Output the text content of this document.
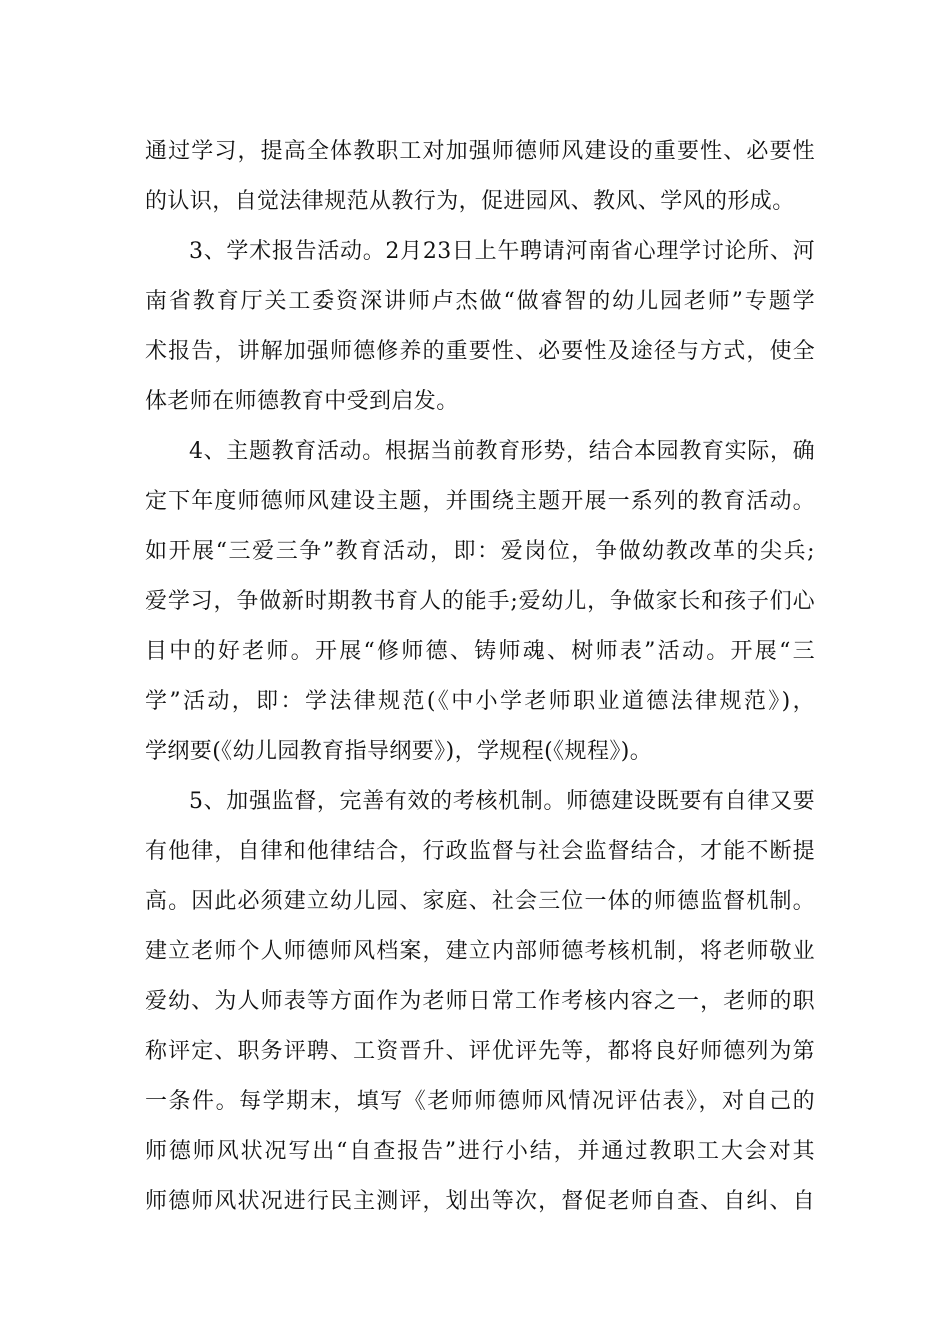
通过学习，提高全体教职工对加强师德师风建设的重要性、必要性
的认识，自觉法律规范从教行为，促进园风、教风、学风的形成。
3、学术报告活动。2月23日上午聘请河南省心理学讨论所、河
南省教育厅关工委资深讲师卢杰做“做睿智的幼儿园老师”专题学
术报告，讲解加强师德修养的重要性、必要性及途径与方式，使全
体老师在师德教育中受到启发。
4、主题教育活动。根据当前教育形势，结合本园教育实际，确
定下年度师德师风建设主题，并围绕主题开展一系列的教育活动。
如开展“三爱三争”教育活动，即：爱岗位，争做幼教改革的尖兵;
爱学习，争做新时期教书育人的能手;爱幼儿，争做家长和孩子们心
目中的好老师。开展“修师德、铸师魂、树师表”活动。开展“三
学”活动，即：学法律规范(《中小学老师职业道德法律规范》)，
学纲要(《幼儿园教育指导纲要》)，学规程(《规程》)。
5、加强监督，完善有效的考核机制。师德建设既要有自律又要
有他律，自律和他律结合，行政监督与社会监督结合，才能不断提
高。因此必须建立幼儿园、家庭、社会三位一体的师德监督机制。
建立老师个人师德师风档案，建立内部师德考核机制，将老师敬业
爱幼、为人师表等方面作为老师日常工作考核内容之一，老师的职
称评定、职务评聘、工资晋升、评优评先等，都将良好师德列为第
一条件。每学期末，填写《老师师德师风情况评估表》，对自己的
师德师风状况写出“自查报告”进行小结，并通过教职工大会对其
师德师风状况进行民主测评，划出等次，督促老师自查、自纠、自
